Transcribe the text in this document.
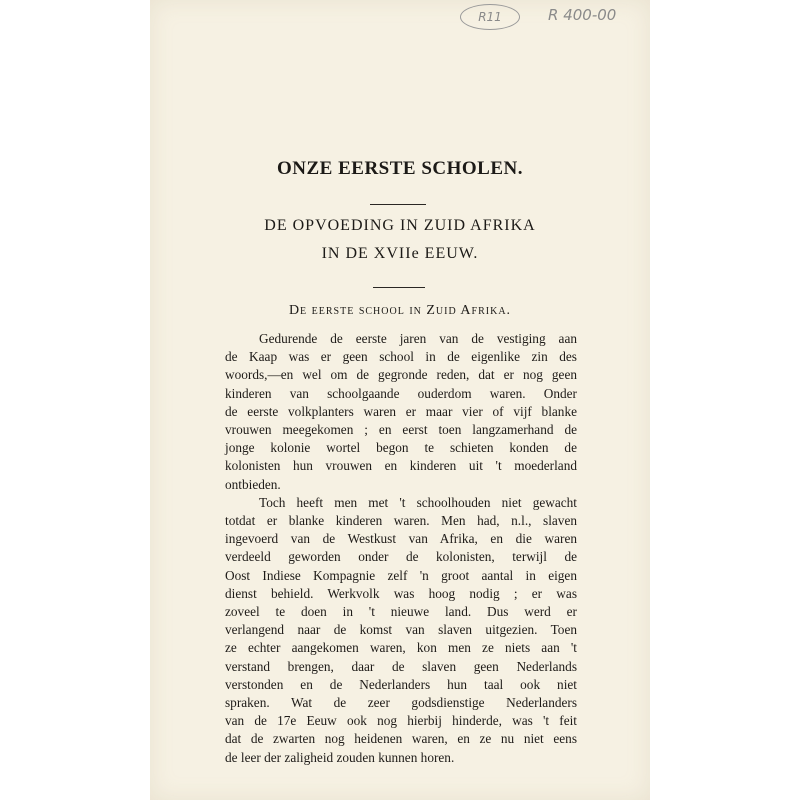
R11	R 400-00
ONZE EERSTE SCHOLEN.
DE OPVOEDING IN ZUID AFRIKA
IN DE XVIIe EEUW.
De eerste school in Zuid Afrika.
Gedurende de eerste jaren van de vestiging aan
de Kaap was er geen school in de eigenlike zin des
woords,—en wel om de gegronde reden, dat er nog geen
kinderen van schoolgaande ouderdom waren. Onder
de eerste volkplanters waren er maar vier of vijf blanke
vrouwen meegekomen ; en eerst toen langzamerhand de
jonge kolonie wortel begon te schieten konden de
kolonisten hun vrouwen en kinderen uit 't moederland
ontbieden.
Toch heeft men met 't schoolhouden niet gewacht
totdat er blanke kinderen waren. Men had, n.l., slaven
ingevoerd van de Westkust van Afrika, en die waren
verdeeld geworden onder de kolonisten, terwijl de
Oost Indiese Kompagnie zelf 'n groot aantal in eigen
dienst behield. Werkvolk was hoog nodig ; er was
zoveel te doen in 't nieuwe land. Dus werd er
verlangend naar de komst van slaven uitgezien. Toen
ze echter aangekomen waren, kon men ze niets aan 't
verstand brengen, daar de slaven geen Nederlands
verstonden en de Nederlanders hun taal ook niet
spraken. Wat de zeer godsdienstige Nederlanders
van de 17e Eeuw ook nog hierbij hinderde, was 't feit
dat de zwarten nog heidenen waren, en ze nu niet eens
de leer der zaligheid zouden kunnen horen.
